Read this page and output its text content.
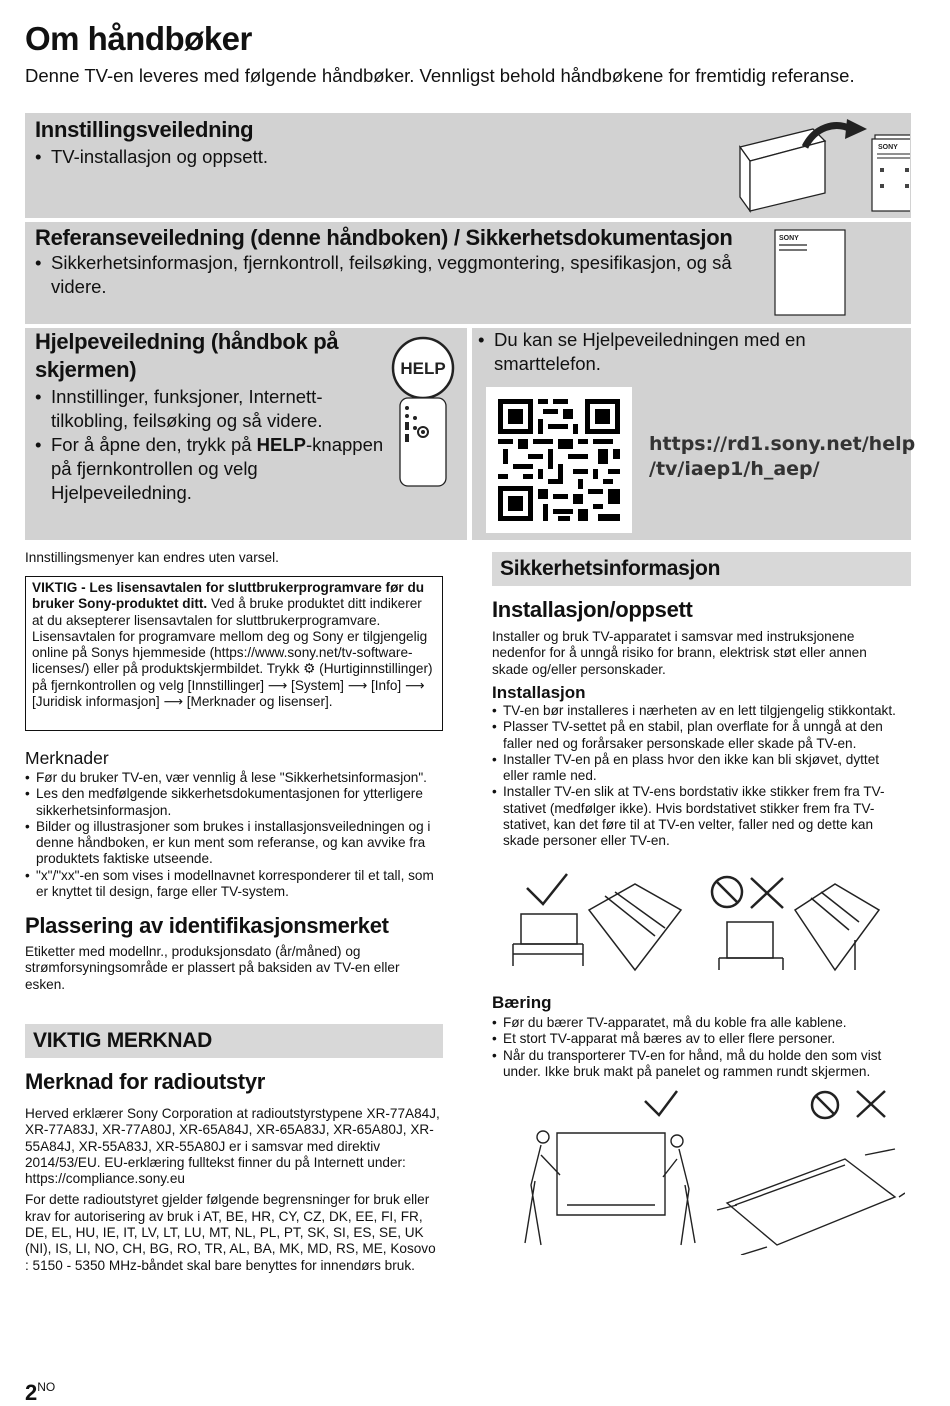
Om håndbøker
Denne TV-en leveres med følgende håndbøker. Vennligst behold håndbøkene for fremtidig referanse.
Innstillingsveiledning
• TV-installasjon og oppsett.	SONY
Referanseveiledning (denne håndboken) / Sikkerhetsdokumentasjon
• Sikkerhetsinformasjon, fjernkontroll, feilsøking, veggmontering, spesifikasjon, og så videre.
SONY
Hjelpeveiledning (håndbok på
skjermen)
• Innstillinger, funksjoner, Internett-tilkobling, feilsøking og så videre.
• For å åpne den, trykk på HELP-knappen på fjernkontrollen og velg Hjelpeveiledning.
HELP
• Du kan se Hjelpeveiledningen med en smarttelefon.
https://rd1.sony.net/help
/tv/iaep1/h_aep/
Innstillingsmenyer kan endres uten varsel.
VIKTIG - Les lisensavtalen for sluttbrukerprogramvare før du bruker Sony-produktet ditt. Ved å bruke produktet ditt indikerer at du aksepterer lisensavtalen for sluttbrukerprogramvare. Lisensavtalen for programvare mellom deg og Sony er tilgjengelig online på Sonys hjemmeside (https://www.sony.net/tv-software-licenses/) eller på produktskjermbildet. Trykk ⚙ (Hurtiginnstillinger) på fjernkontrollen og velg [Innstillinger] ⟶ [System] ⟶ [Info] ⟶ [Juridisk informasjon] ⟶ [Merknader og lisenser].
Merknader
• Før du bruker TV-en, vær vennlig å lese "Sikkerhetsinformasjon".
• Les den medfølgende sikkerhetsdokumentasjonen for ytterligere sikkerhetsinformasjon.
• Bilder og illustrasjoner som brukes i installasjonsveiledningen og i denne håndboken, er kun ment som referanse, og kan avvike fra produktets faktiske utseende.
• "x"/"xx"-en som vises i modellnavnet korresponderer til et tall, som er knyttet til design, farge eller TV-system.
Plassering av identifikasjonsmerket
Etiketter med modellnr., produksjonsdato (år/måned) og strømforsyningsområde er plassert på baksiden av TV-en eller esken.
VIKTIG MERKNAD
Merknad for radioutstyr

Herved erklærer Sony Corporation at radioutstyrstypene XR-77A84J, XR-77A83J, XR-77A80J, XR-65A84J, XR-65A83J, XR-65A80J, XR-55A84J, XR-55A83J, XR-55A80J er i samsvar med direktiv 2014/53/EU. EU-erklæring fulltekst finner du på Internett under: https://compliance.sony.eu

For dette radioutstyret gjelder følgende begrensninger for bruk eller krav for autorisering av bruk i AT, BE, HR, CY, CZ, DK, EE, FI, FR, DE, EL, HU, IE, IT, LV, LT, LU, MT, NL, PL, PT, SK, SI, ES, SE, UK (NI), IS, LI, NO, CH, BG, RO, TR, AL, BA, MK, MD, RS, ME, Kosovo : 5150 - 5350 MHz-båndet skal bare benyttes for innendørs bruk.

Sikkerhetsinformasjon
Installasjon/oppsett
Installer og bruk TV-apparatet i samsvar med instruksjonene nedenfor for å unngå risiko for brann, elektrisk støt eller annen skade og/eller personskader.
Installasjon
• TV-en bør installeres i nærheten av en lett tilgjengelig stikkontakt.
• Plasser TV-settet på en stabil, plan overflate for å unngå at den faller ned og forårsaker personskade eller skade på TV-en.
• Installer TV-en på en plass hvor den ikke kan bli skjøvet, dyttet eller ramle ned.
• Installer TV-en slik at TV-ens bordstativ ikke stikker frem fra TV-stativet (medfølger ikke). Hvis bordstativet stikker frem fra TV-stativet, kan det føre til at TV-en velter, faller ned og dette kan skade personer eller TV-en.
Bæring
• Før du bærer TV-apparatet, må du koble fra alle kablene.
• Et stort TV-apparat må bæres av to eller flere personer.
• Når du transporterer TV-en for hånd, må du holde den som vist under. Ikke bruk makt på panelet og rammen rundt skjermen.
$2^{NO}$
